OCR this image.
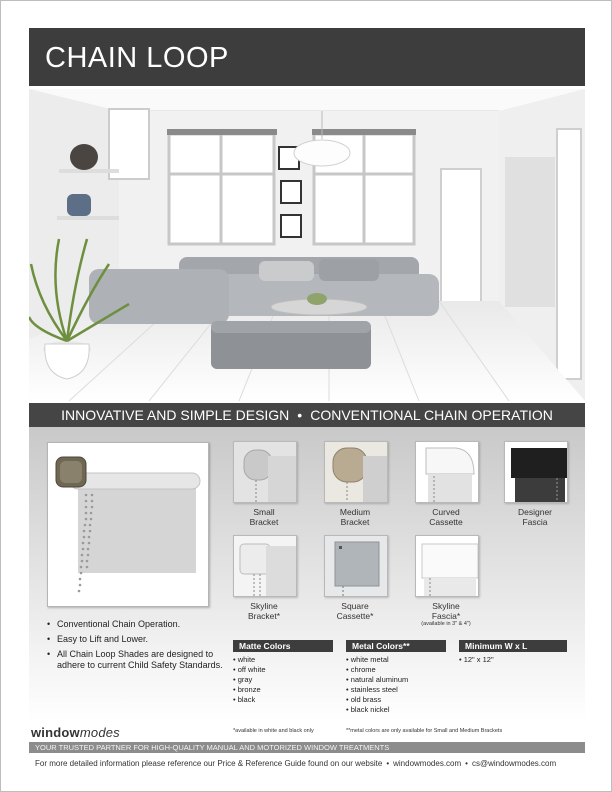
CHAIN LOOP
INNOVATIVE AND SIMPLE DESIGN • CONVENTIONAL CHAIN OPERATION
Small
Bracket
Medium
Bracket
Curved
Cassette
Designer
Fascia
Skyline
Bracket*
Square
Cassette*
Skyline
Fascia*
(available in 3" & 4")
• Conventional Chain Operation.
• Easy to Lift and Lower.
• All Chain Loop Shades are designed to adhere to current Child Safety Standards.
Matte Colors
• white
• off white
• gray
• bronze
• black
Metal Colors**
• white metal
• chrome
• natural aluminum
• stainless steel
• old brass
• black nickel
Minimum W x L
• 12" x 12"
windowmodes	*available in white and black only	**metal colors are only available for Small and Medium Brackets
YOUR TRUSTED PARTNER FOR HIGH-QUALITY MANUAL AND MOTORIZED WINDOW TREATMENTS
For more detailed information please reference our Price & Reference Guide found on our website • windowmodes.com • cs@windowmodes.com
